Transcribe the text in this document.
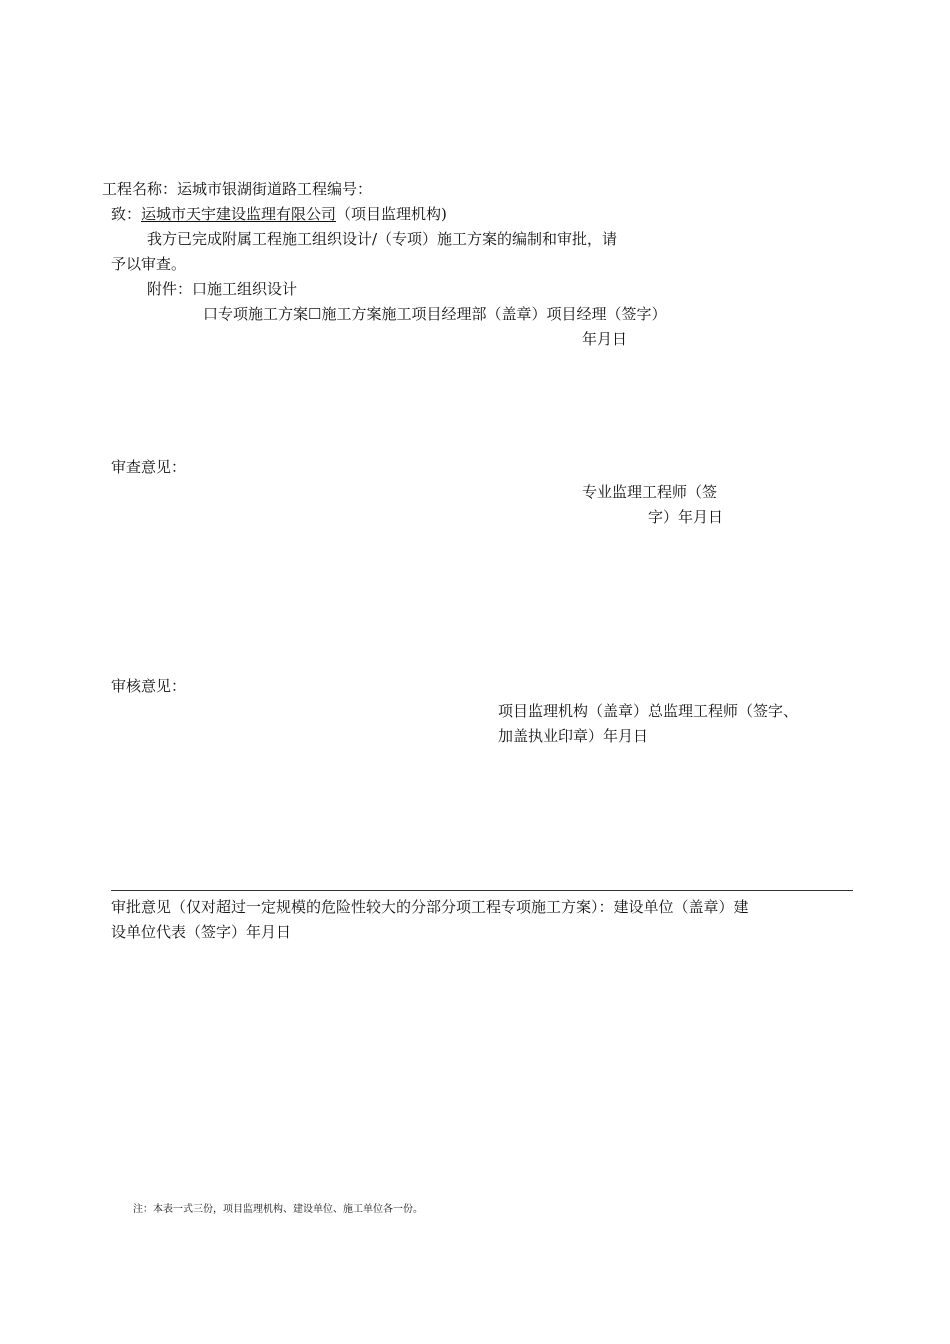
工程名称：运城市银湖街道路工程编号：
致：运城市天宇建设监理有限公司（项目监理机构)
我方已完成附属工程施工组织设计/（专项）施工方案的编制和审批，请
予以审查。
附件：口施工组织设计
口专项施工方案☐施工方案施工项目经理部（盖章）项目经理（签字）
年月日
审查意见：
专业监理工程师（签
字）年月日
审核意见：
项目监理机构（盖章）总监理工程师（签字、
加盖执业印章）年月日
审批意见（仅对超过一定规模的危险性较大的分部分项工程专项施工方案）：建设单位（盖章）建
设单位代表（签字）年月日
注：本表一式三份，项目监理机构、建设单位、施工单位各一份。
